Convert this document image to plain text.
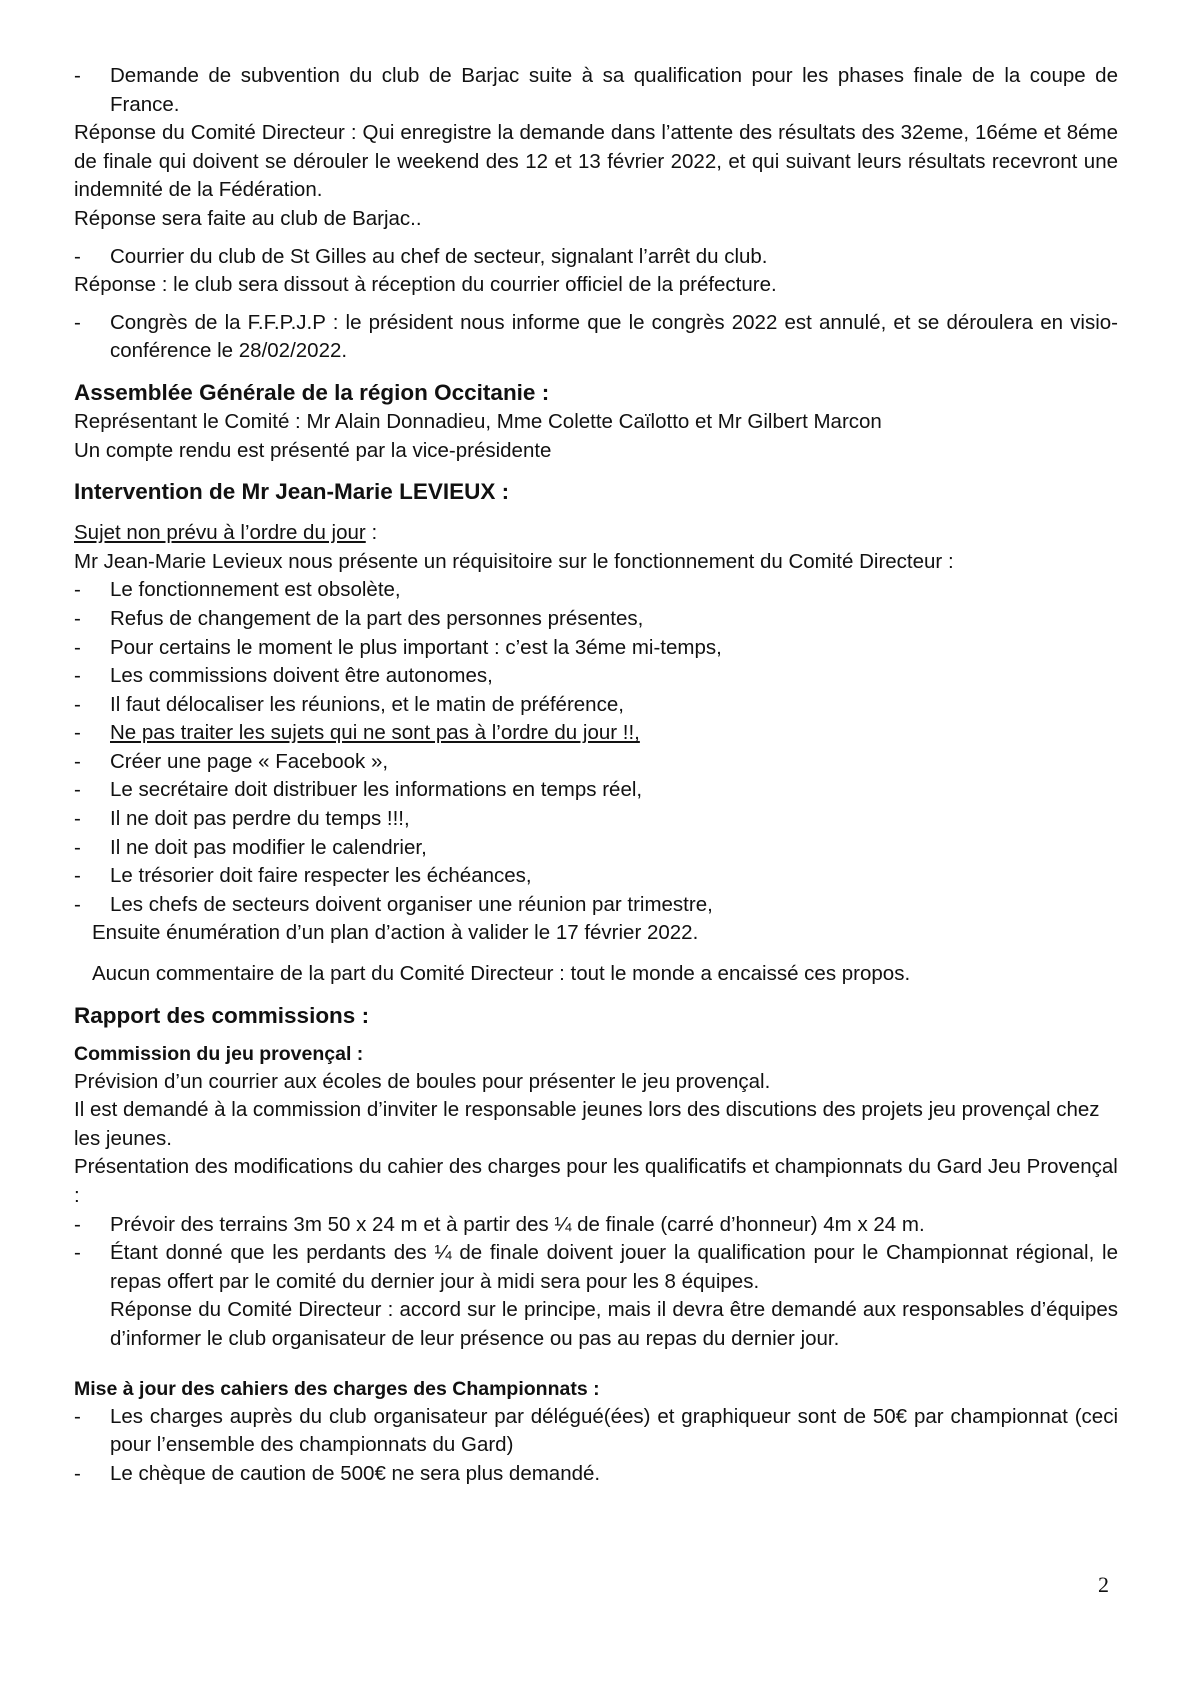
-	Demande de subvention du club de Barjac suite à sa qualification pour les phases finale de la coupe de France.

Réponse du Comité Directeur : Qui enregistre la demande dans l’attente des résultats des 32eme, 16éme et 8éme de finale qui doivent se dérouler le weekend des 12 et 13 février 2022, et qui suivant leurs résultats recevront une indemnité de la Fédération.

Réponse sera faite au club de Barjac..

-	Courrier du club de St Gilles au chef de secteur, signalant l’arrêt du club.

Réponse : le club sera dissout à réception du courrier officiel de la préfecture.

-	Congrès de la F.F.P.J.P : le président nous informe que le congrès 2022 est annulé, et se déroulera en visio-conférence le 28/02/2022.
Assemblée Générale de la région Occitanie :

Représentant le Comité : Mr Alain Donnadieu, Mme Colette Caïlotto et Mr Gilbert Marcon

Un compte rendu est présenté par la vice-présidente

Intervention de Mr Jean-Marie LEVIEUX :

Sujet non prévu à l’ordre du jour :

Mr Jean-Marie Levieux nous présente un réquisitoire sur le fonctionnement du Comité Directeur :

-	Le fonctionnement est obsolète,
-	Refus de changement de la part des personnes présentes,
-	Pour certains le moment le plus important : c’est la 3éme mi-temps,
-	Les commissions doivent être autonomes,
-	Il faut délocaliser les réunions, et le matin de préférence,
-	Ne pas traiter les sujets qui ne sont pas à l’ordre du jour !!,
-	Créer une page « Facebook »,
-	Le secrétaire doit distribuer les informations en temps réel,
-	Il ne doit pas perdre du temps !!!,
-	Il ne doit pas modifier le calendrier,
-	Le trésorier doit faire respecter les échéances,
-	Les chefs de secteurs doivent organiser une réunion par trimestre,

Ensuite énumération d’un plan d’action à valider le 17 février 2022.

Aucun commentaire de la part du Comité Directeur : tout le monde a encaissé ces propos.

Rapport des commissions :
Commission du jeu provençal :

Prévision d’un courrier aux écoles de boules pour présenter le jeu provençal.

Il est demandé à la commission d’inviter le responsable jeunes lors des discutions des projets jeu provençal chez les jeunes.

Présentation des modifications du cahier des charges pour les qualificatifs et championnats du Gard Jeu Provençal :

-	Prévoir des terrains 3m 50 x 24 m et à partir des ¼ de finale (carré d’honneur) 4m x 24 m.
-	Étant donné que les perdants des ¼ de finale doivent jouer la qualification pour le Championnat régional, le repas offert par le comité du dernier jour à midi sera pour les 8 équipes.
Réponse du Comité Directeur : accord sur le principe, mais il devra être demandé aux responsables d’équipes d’informer le club organisateur de leur présence ou pas au repas du dernier jour.
Mise à jour des cahiers des charges des Championnats :
-	Les charges auprès du club organisateur par délégué(ées) et graphiqueur sont de 50€ par championnat (ceci pour l’ensemble des championnats du Gard)
-	Le chèque de caution de 500€ ne sera plus demandé.
2
